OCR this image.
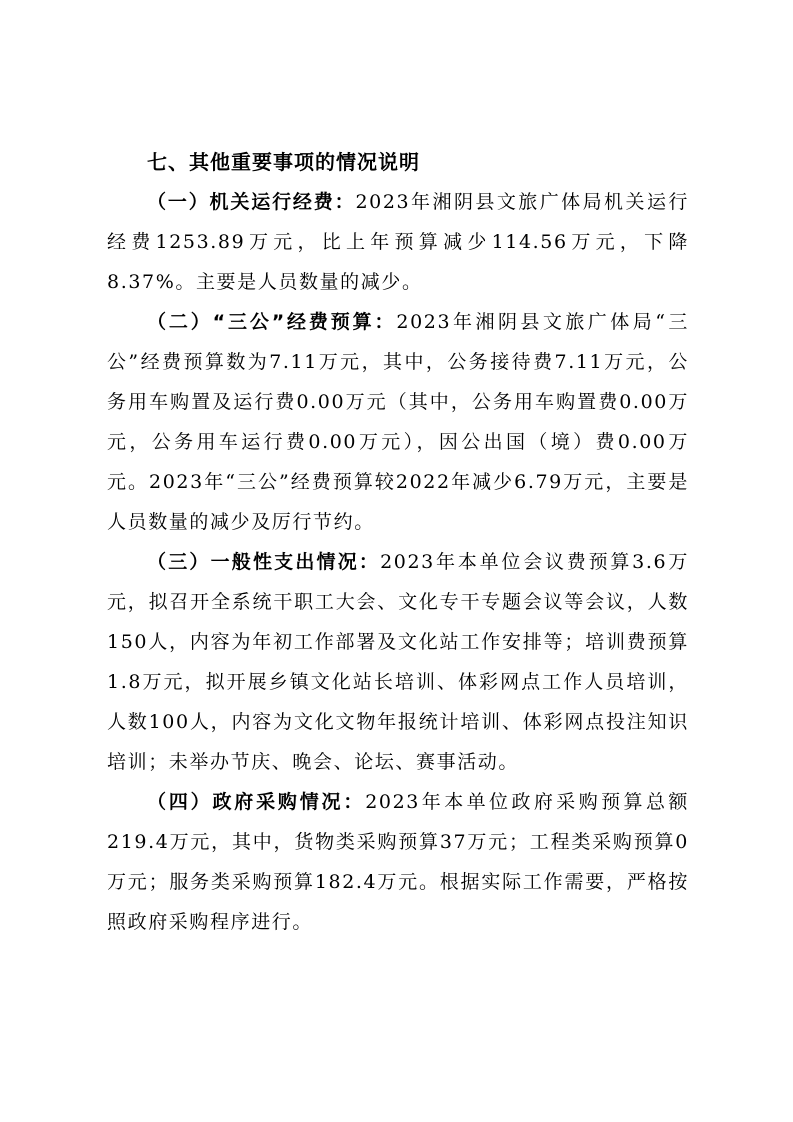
七、其他重要事项的情况说明

（一）机关运行经费：2023年湘阴县文旅广体局机关运行经费1253.89万元，比上年预算减少114.56万元，下降8.37%。主要是人员数量的减少。

（二）“三公”经费预算：2023年湘阴县文旅广体局“三公”经费预算数为7.11万元，其中，公务接待费7.11万元，公务用车购置及运行费0.00万元（其中，公务用车购置费0.00万元，公务用车运行费0.00万元），因公出国（境）费0.00万元。2023年“三公”经费预算较2022年减少6.79万元，主要是人员数量的减少及厉行节约。

（三）一般性支出情况：2023年本单位会议费预算3.6万元，拟召开全系统干职工大会、文化专干专题会议等会议，人数150人，内容为年初工作部署及文化站工作安排等；培训费预算1.8万元，拟开展乡镇文化站长培训、体彩网点工作人员培训，人数100人，内容为文化文物年报统计培训、体彩网点投注知识培训；未举办节庆、晚会、论坛、赛事活动。

（四）政府采购情况：2023年本单位政府采购预算总额219.4万元，其中，货物类采购预算37万元；工程类采购预算0万元；服务类采购预算182.4万元。根据实际工作需要，严格按照政府采购程序进行。
